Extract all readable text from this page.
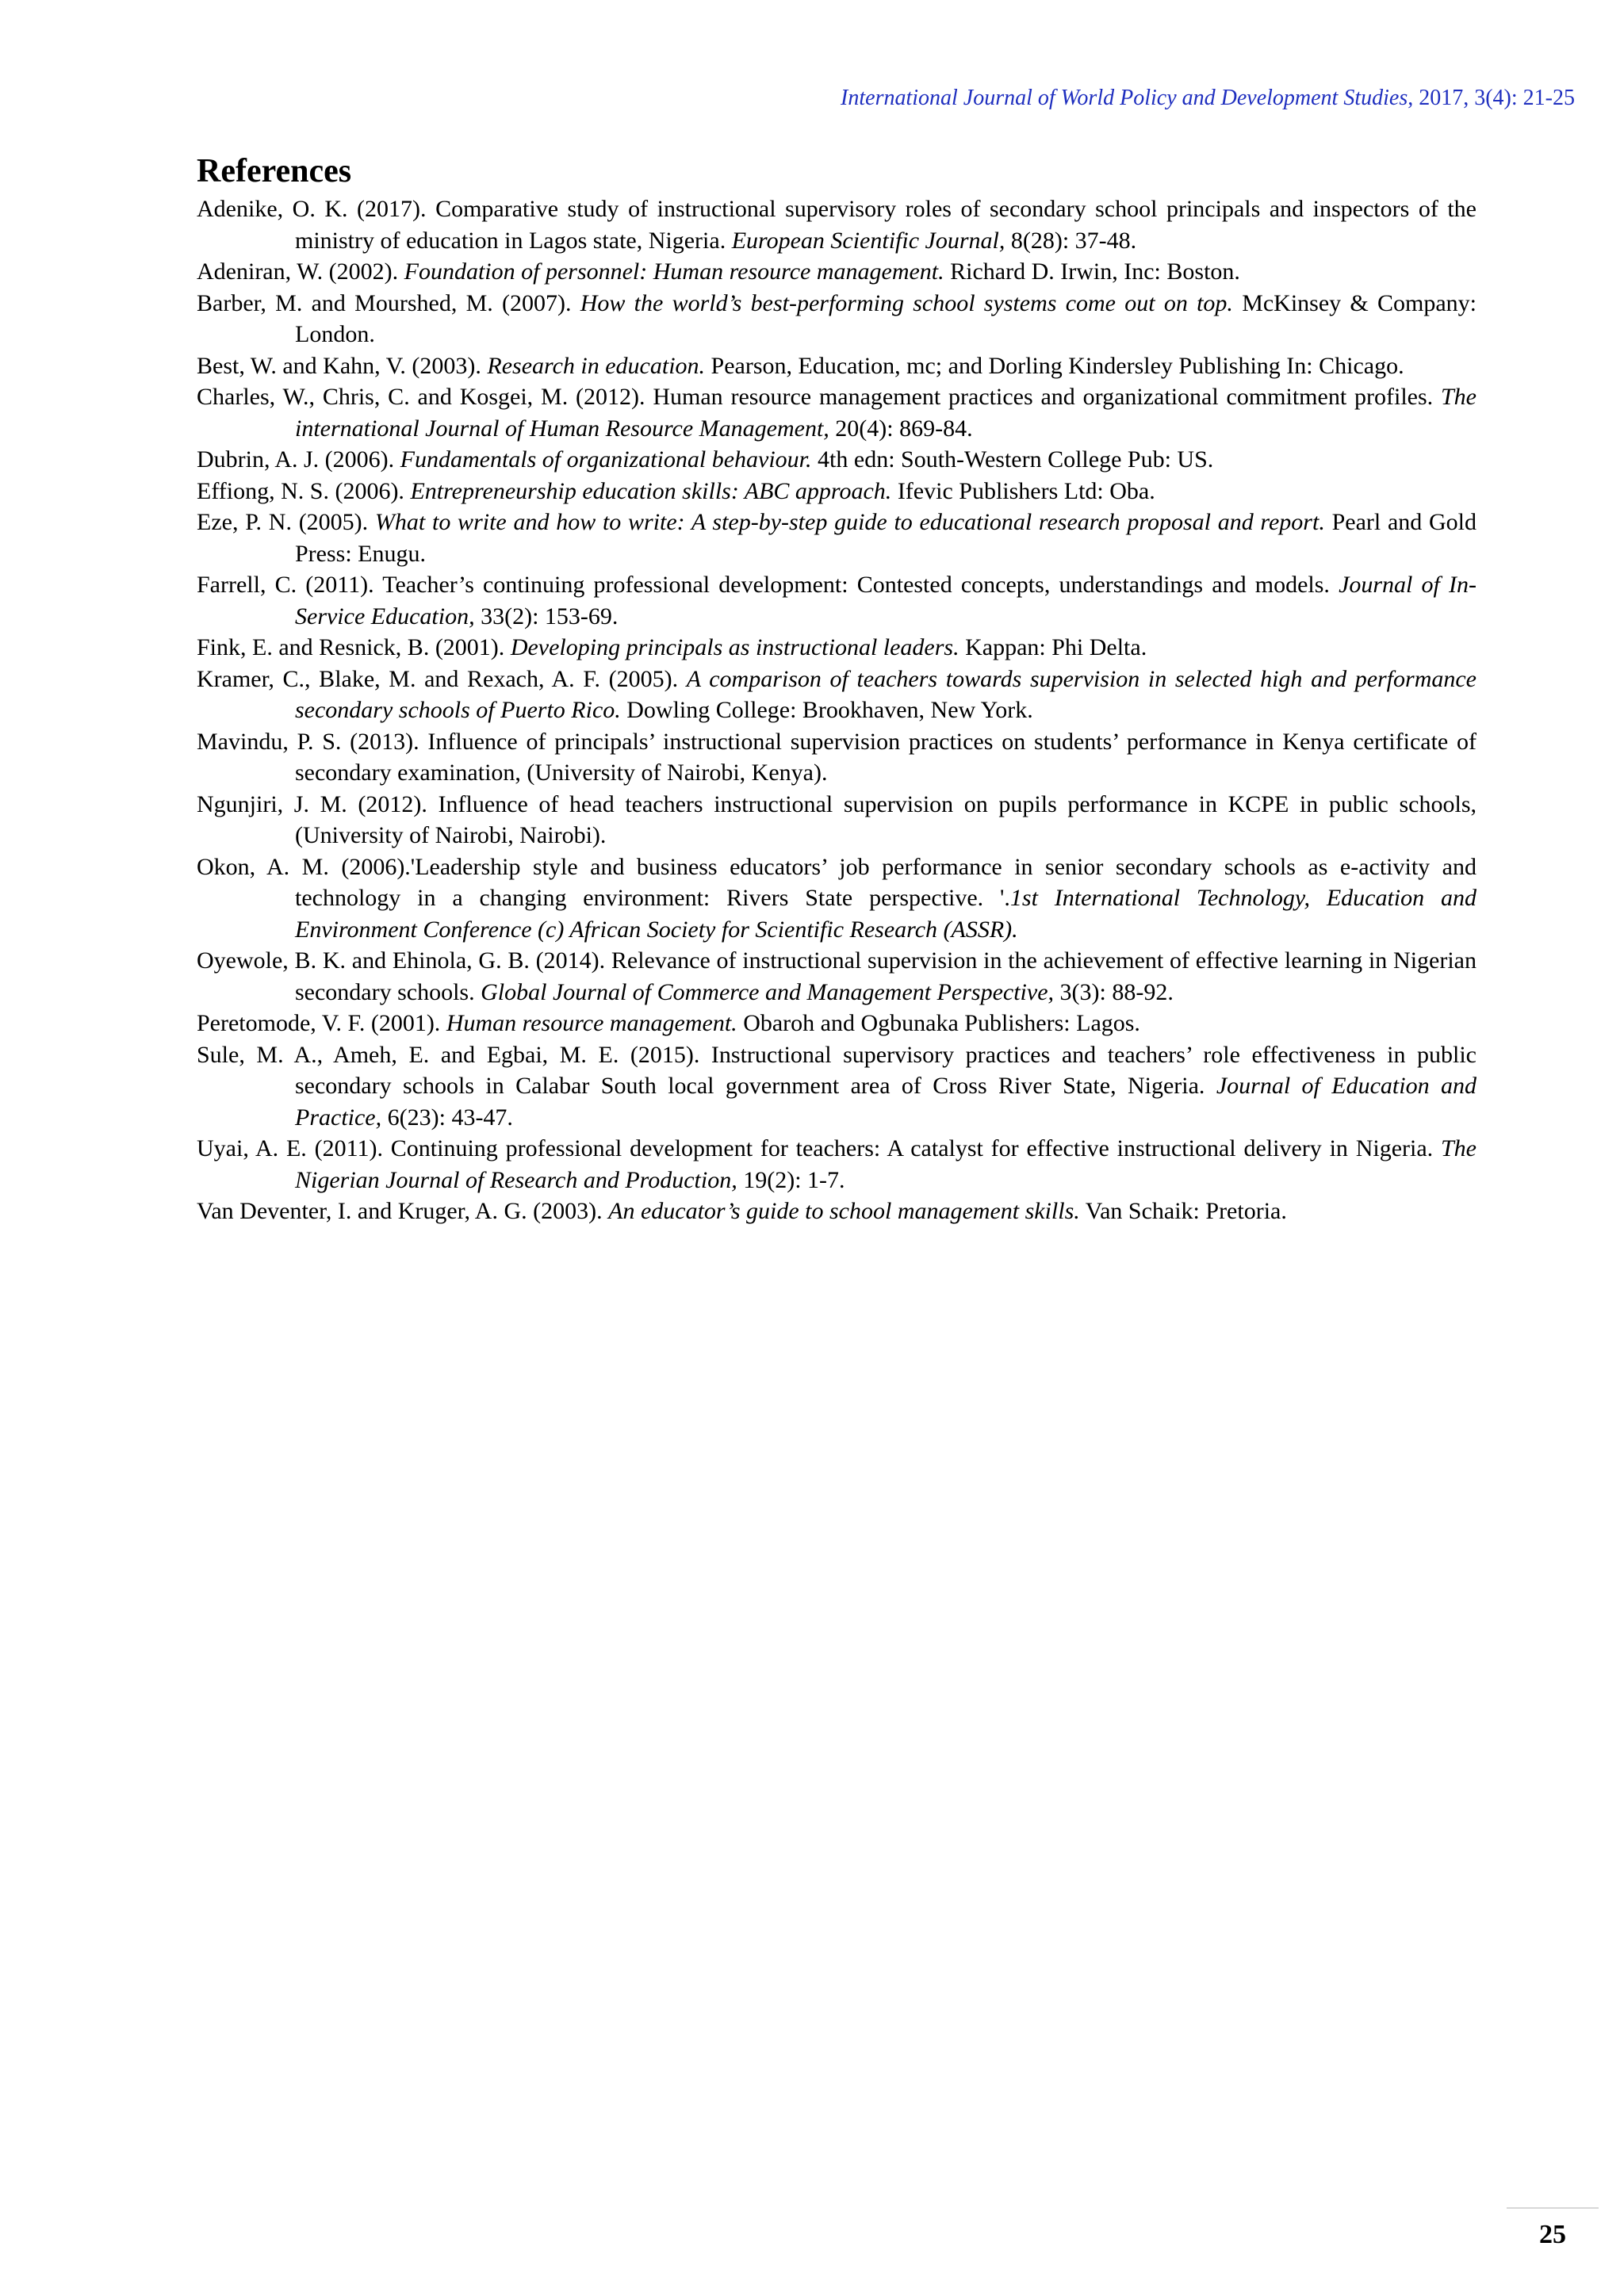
International Journal of World Policy and Development Studies, 2017, 3(4): 21-25
References
Adenike, O. K. (2017). Comparative study of instructional supervisory roles of secondary school principals and inspectors of the ministry of education in Lagos state, Nigeria. European Scientific Journal, 8(28): 37-48.
Adeniran, W. (2002). Foundation of personnel: Human resource management. Richard D. Irwin, Inc: Boston.
Barber, M. and Mourshed, M. (2007). How the world’s best-performing school systems come out on top. McKinsey & Company: London.
Best, W. and Kahn, V. (2003). Research in education. Pearson, Education, mc; and Dorling Kindersley Publishing In: Chicago.
Charles, W., Chris, C. and Kosgei, M. (2012). Human resource management practices and organizational commitment profiles. The international Journal of Human Resource Management, 20(4): 869-84.
Dubrin, A. J. (2006). Fundamentals of organizational behaviour. 4th edn: South-Western College Pub: US.
Effiong, N. S. (2006). Entrepreneurship education skills: ABC approach. Ifevic Publishers Ltd: Oba.
Eze, P. N. (2005). What to write and how to write: A step-by-step guide to educational research proposal and report. Pearl and Gold Press: Enugu.
Farrell, C. (2011). Teacher’s continuing professional development: Contested concepts, understandings and models. Journal of In-Service Education, 33(2): 153-69.
Fink, E. and Resnick, B. (2001). Developing principals as instructional leaders. Kappan: Phi Delta.
Kramer, C., Blake, M. and Rexach, A. F. (2005). A comparison of teachers towards supervision in selected high and performance secondary schools of Puerto Rico. Dowling College: Brookhaven, New York.
Mavindu, P. S. (2013). Influence of principals’ instructional supervision practices on students’ performance in Kenya certificate of secondary examination, (University of Nairobi, Kenya).
Ngunjiri, J. M. (2012). Influence of head teachers instructional supervision on pupils performance in KCPE in public schools, (University of Nairobi, Nairobi).
Okon, A. M. (2006).'Leadership style and business educators’ job performance in senior secondary schools as e-activity and technology in a changing environment: Rivers State perspective. '.1st International Technology, Education and Environment Conference (c) African Society for Scientific Research (ASSR).
Oyewole, B. K. and Ehinola, G. B. (2014). Relevance of instructional supervision in the achievement of effective learning in Nigerian secondary schools. Global Journal of Commerce and Management Perspective, 3(3): 88-92.
Peretomode, V. F. (2001). Human resource management. Obaroh and Ogbunaka Publishers: Lagos.
Sule, M. A., Ameh, E. and Egbai, M. E. (2015). Instructional supervisory practices and teachers’ role effectiveness in public secondary schools in Calabar South local government area of Cross River State, Nigeria. Journal of Education and Practice, 6(23): 43-47.
Uyai, A. E. (2011). Continuing professional development for teachers: A catalyst for effective instructional delivery in Nigeria. The Nigerian Journal of Research and Production, 19(2): 1-7.
Van Deventer, I. and Kruger, A. G. (2003). An educator’s guide to school management skills. Van Schaik: Pretoria.
25
